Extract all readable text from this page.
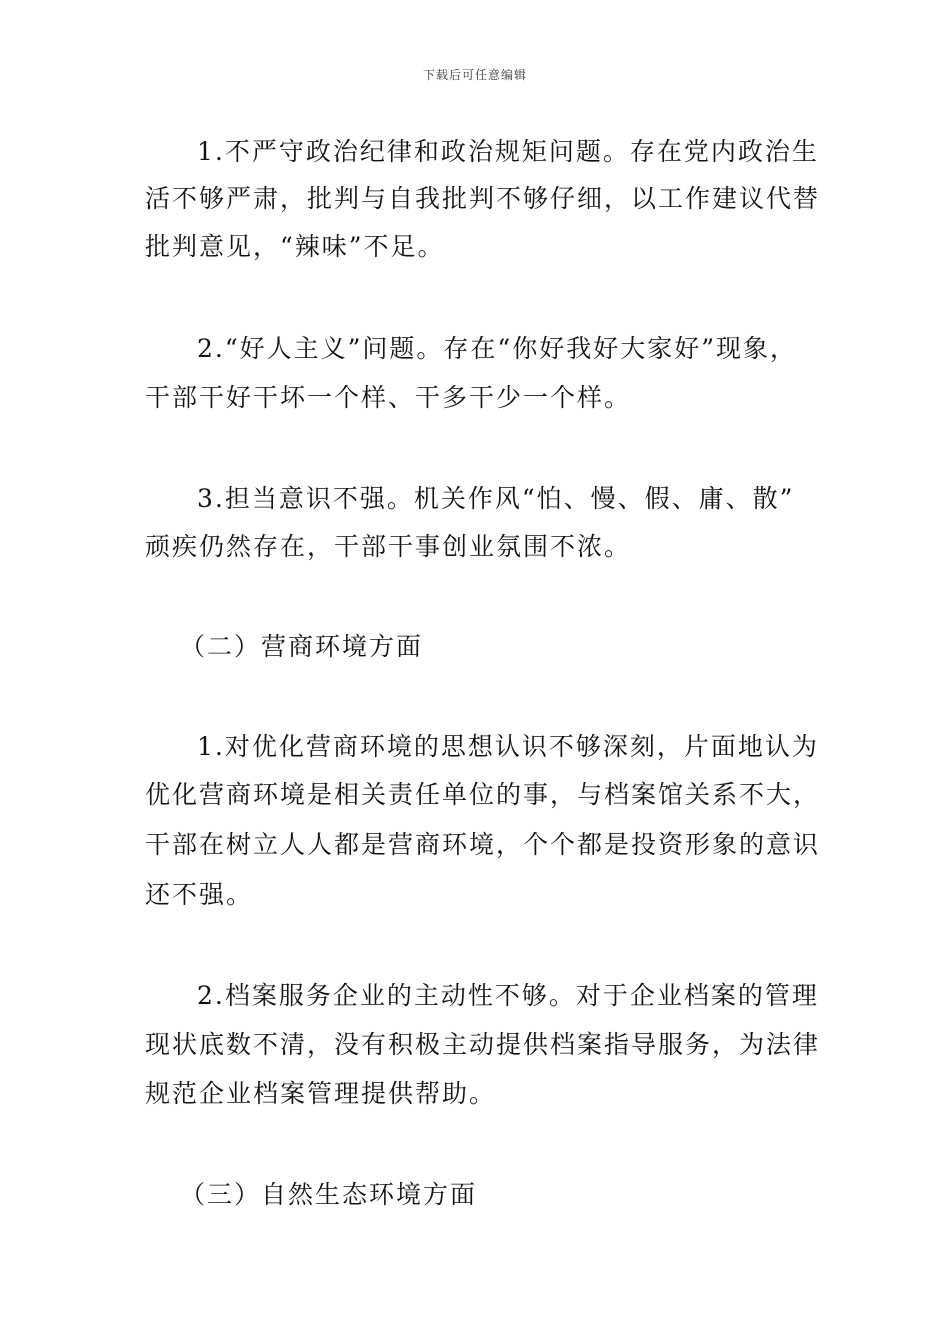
下载后可任意编辑
1.不严守政治纪律和政治规矩问题。存在党内政治生
活不够严肃，批判与自我批判不够仔细，以工作建议代替
批判意见，“辣味”不足。
2.“好人主义”问题。存在“你好我好大家好”现象，
干部干好干坏一个样、干多干少一个样。
3.担当意识不强。机关作风“怕、慢、假、庸、散”
顽疾仍然存在，干部干事创业氛围不浓。
（二）营商环境方面
1.对优化营商环境的思想认识不够深刻，片面地认为
优化营商环境是相关责任单位的事，与档案馆关系不大，
干部在树立人人都是营商环境，个个都是投资形象的意识
还不强。
2.档案服务企业的主动性不够。对于企业档案的管理
现状底数不清，没有积极主动提供档案指导服务，为法律
规范企业档案管理提供帮助。
（三）自然生态环境方面
